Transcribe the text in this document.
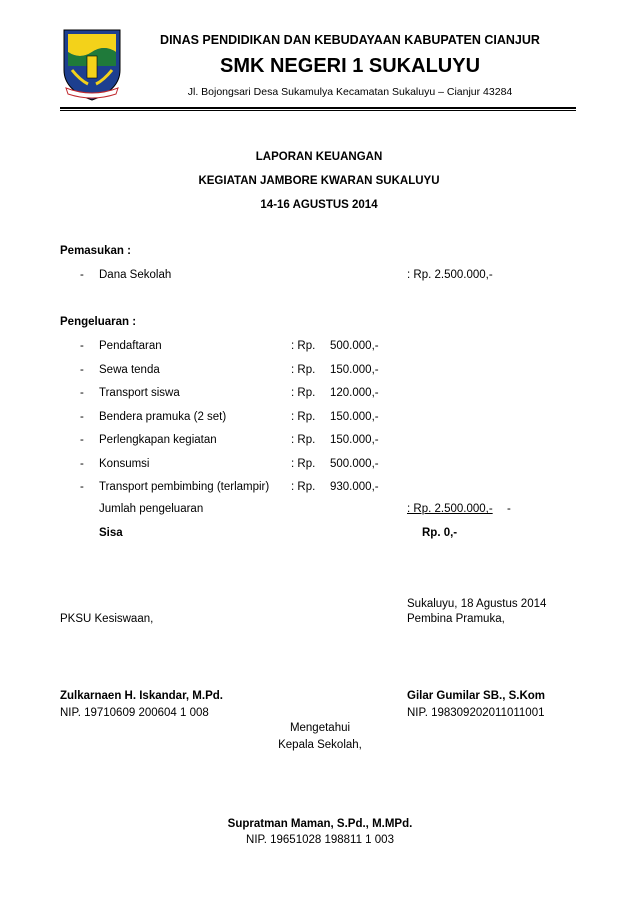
DINAS PENDIDIKAN DAN KEBUDAYAAN KABUPATEN CIANJUR
SMK NEGERI 1 SUKALUYU
Jl. Bojongsari Desa Sukamulya Kecamatan Sukaluyu – Cianjur 43284
LAPORAN KEUANGAN
KEGIATAN JAMBORE KWARAN SUKALUYU
14-16 AGUSTUS 2014
Pemasukan :
- Dana Sekolah	: Rp. 2.500.000,-
Pengeluaran :
- Pendaftaran	: Rp. 500.000,-
- Sewa tenda	: Rp. 150.000,-
- Transport siswa	: Rp. 120.000,-
- Bendera pramuka (2 set)	: Rp. 150.000,-
- Perlengkapan kegiatan	: Rp. 150.000,-
- Konsumsi	: Rp. 500.000,-
- Transport pembimbing (terlampir) : Rp. 930.000,-
Jumlah pengeluaran	: Rp. 2.500.000,- -
Sisa	Rp. 0,-
Sukaluyu, 18 Agustus 2014
PKSU Kesiswaan,	Pembina Pramuka,
Zulkarnaen H. Iskandar, M.Pd.
NIP. 19710609 200604 1 008
Gilar Gumilar SB., S.Kom
NIP. 198309202011011001
Mengetahui
Kepala Sekolah,
Supratman Maman, S.Pd., M.MPd.
NIP. 19651028 198811 1 003
